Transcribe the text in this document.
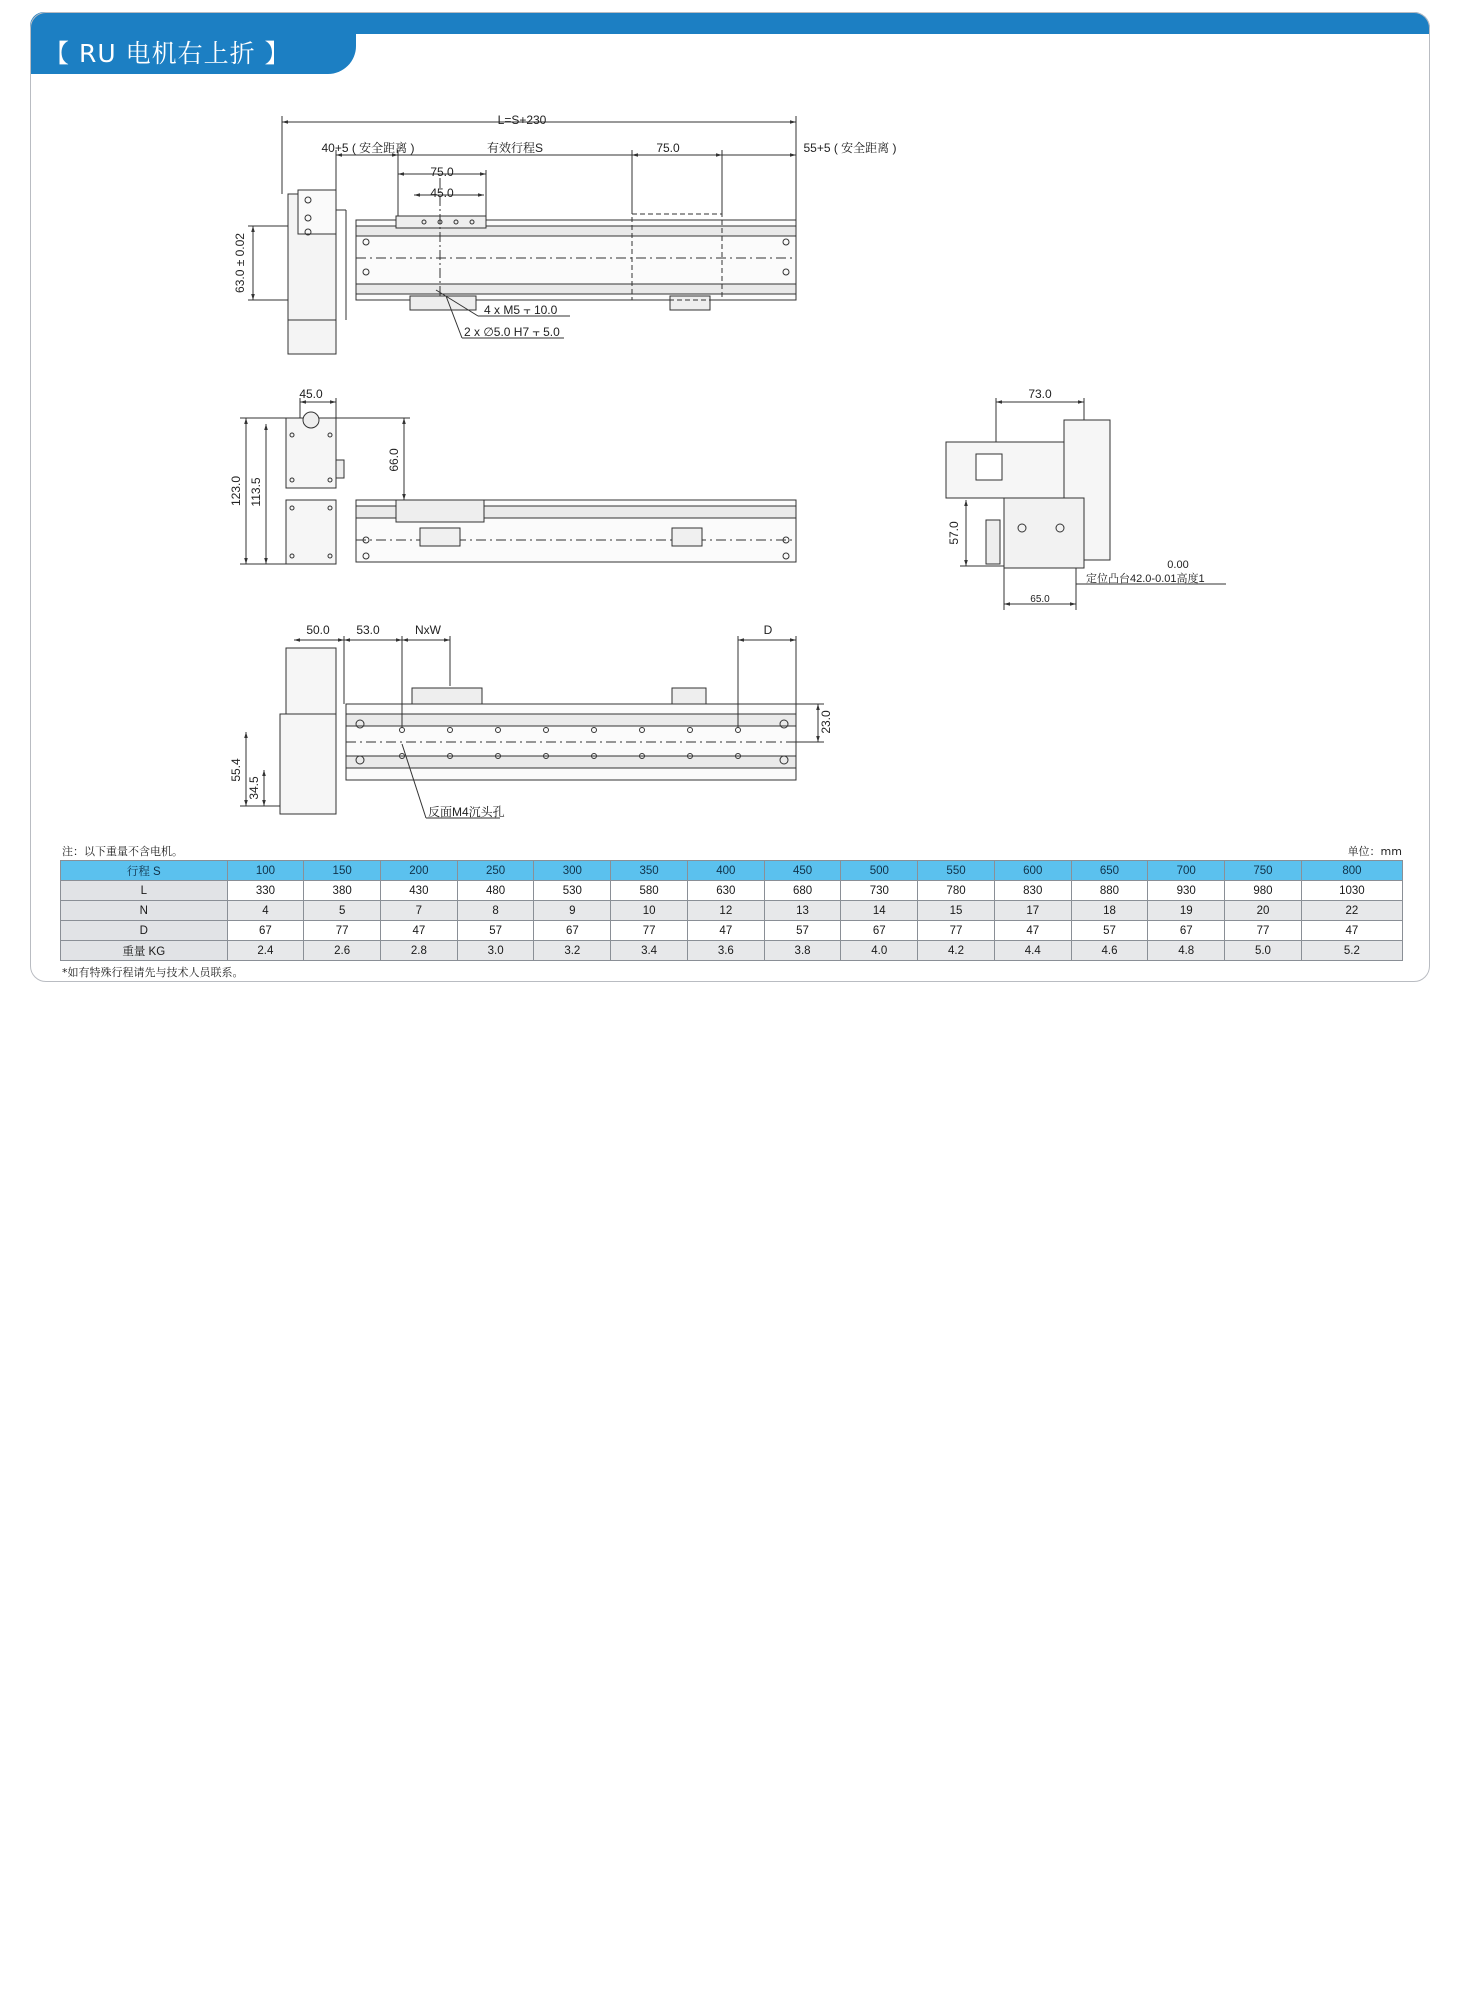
【 RU 电机右上折 】
L=S+230
40+5 ( 安全距离 )	有效行程S
75.0
45.0
75.0	55+5 ( 安全距离 )
63.0 ± 0.02
4 x M5 ⫟ 10.0
2 x ∅5.0 H7 ⫟ 5.0
45.0
123.0 113.5
66.0
73.0
57.0
0.00
定位凸台42.0-0.01高度1
65.0
50.0 53.0	NxW	D
23.0
55.4
34.5
反面M4沉头孔
注：以下重量不含电机。	单位：mm
行程 S	100	150	200	250	300	350	400	450	500	550	600	650	700	750	800
L	330	380	430	480	530	580	630	680	730	780	830	880	930	980	1030
N	4	5	7	8	9	10	12	13	14	15	17	18	19	20	22
D	67	77	47	57	67	77	47	57	67	77	47	57	67	77	47
重量 KG	2.4	2.6	2.8	3.0	3.2	3.4	3.6	3.8	4.0	4.2	4.4	4.6	4.8	5.0	5.2
*如有特殊行程请先与技术人员联系。
